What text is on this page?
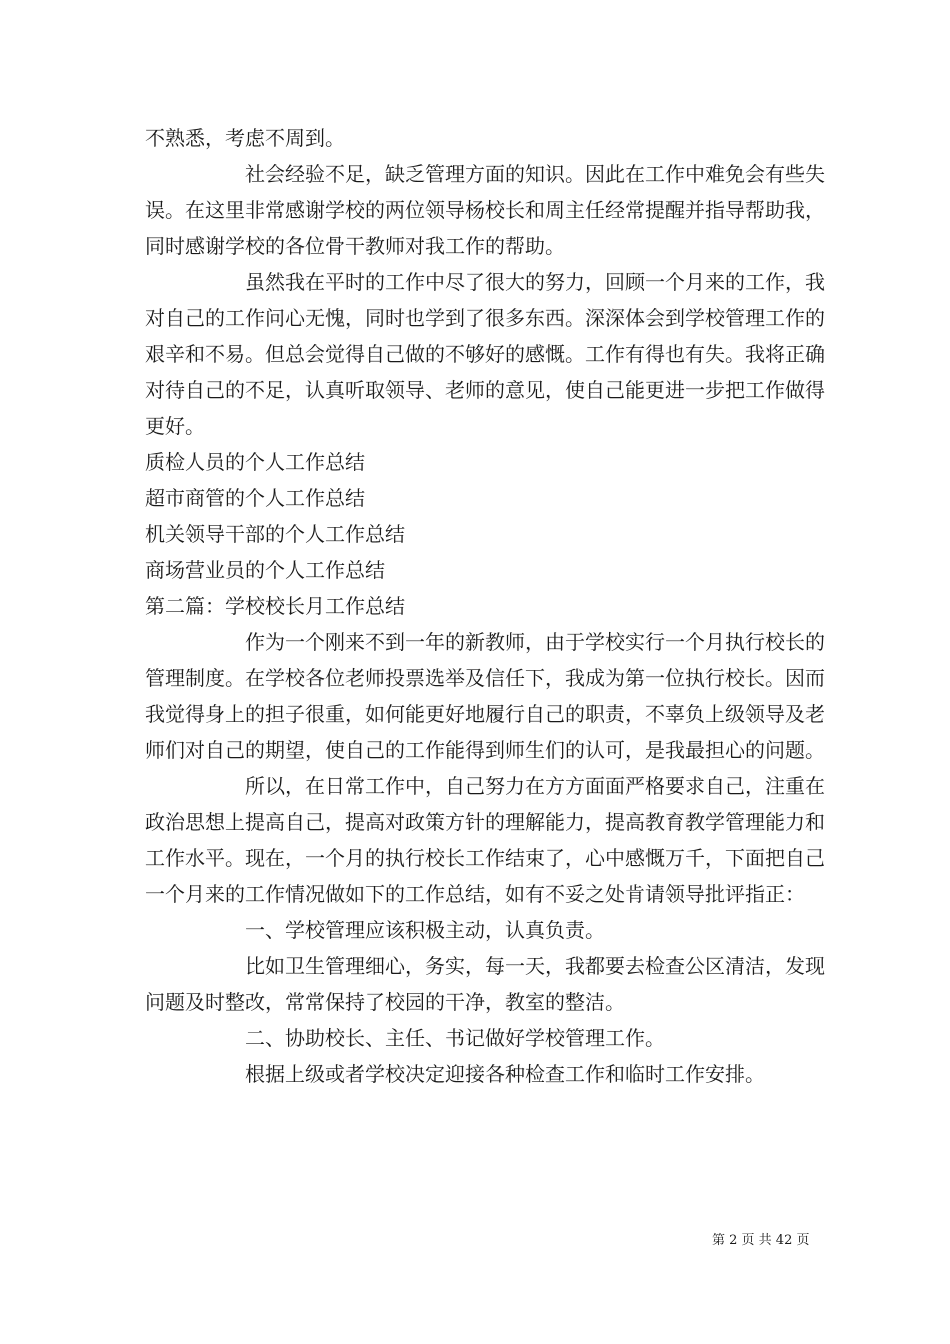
不熟悉，考虑不周到。

社会经验不足，缺乏管理方面的知识。因此在工作中难免会有些失误。在这里非常感谢学校的两位领导杨校长和周主任经常提醒并指导帮助我，同时感谢学校的各位骨干教师对我工作的帮助。

虽然我在平时的工作中尽了很大的努力，回顾一个月来的工作，我对自己的工作问心无愧，同时也学到了很多东西。深深体会到学校管理工作的艰辛和不易。但总会觉得自己做的不够好的感慨。工作有得也有失。我将正确对待自己的不足，认真听取领导、老师的意见，使自己能更进一步把工作做得更好。

质检人员的个人工作总结

超市商管的个人工作总结

机关领导干部的个人工作总结

商场营业员的个人工作总结

第二篇：学校校长月工作总结

作为一个刚来不到一年的新教师，由于学校实行一个月执行校长的管理制度。在学校各位老师投票选举及信任下，我成为第一位执行校长。因而我觉得身上的担子很重，如何能更好地履行自己的职责，不辜负上级领导及老师们对自己的期望，使自己的工作能得到师生们的认可，是我最担心的问题。

所以，在日常工作中，自己努力在方方面面严格要求自己，注重在政治思想上提高自己，提高对政策方针的理解能力，提高教育教学管理能力和工作水平。现在，一个月的执行校长工作结束了，心中感慨万千，下面把自己一个月来的工作情况做如下的工作总结，如有不妥之处肯请领导批评指正：

一、学校管理应该积极主动，认真负责。

比如卫生管理细心，务实，每一天，我都要去检查公区清洁，发现问题及时整改，常常保持了校园的干净，教室的整洁。

二、协助校长、主任、书记做好学校管理工作。

根据上级或者学校决定迎接各种检查工作和临时工作安排。

第 2 页 共 42 页
